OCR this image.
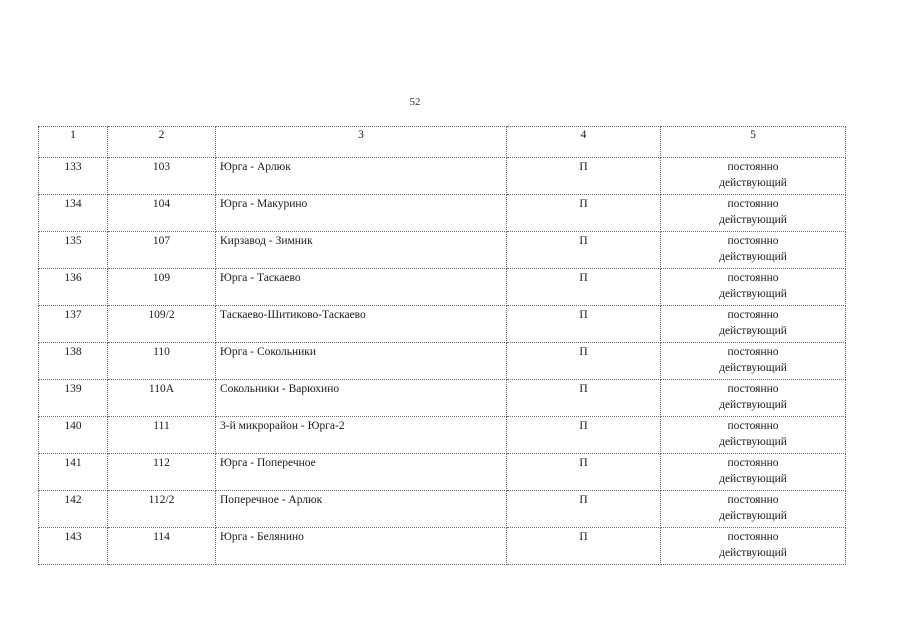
52
1	2	3	4	5
133	103	Юрга - Арлюк	П	постоянно
действующий

134	104	Юрга - Макурино	П	постоянно
действующий

135	107	Кирзавод - Зимник	П	постоянно
действующий

136	109	Юрга - Таскаево	П	постоянно
действующий

137	109/2	Таскаево-Шитиково-Таскаево	П	постоянно
действующий

138	110	Юрга - Сокольники	П	постоянно
действующий

139	110А	Сокольники - Варюхино	П	постоянно
действующий

140	111	3-й микрорайон - Юрга-2	П	постоянно
действующий

141	112	Юрга - Поперечное	П	постоянно
действующий

142	112/2	Поперечное - Арлюк	П	постоянно
действующий

143	114	Юрга - Белянино	П	постоянно
действующий
